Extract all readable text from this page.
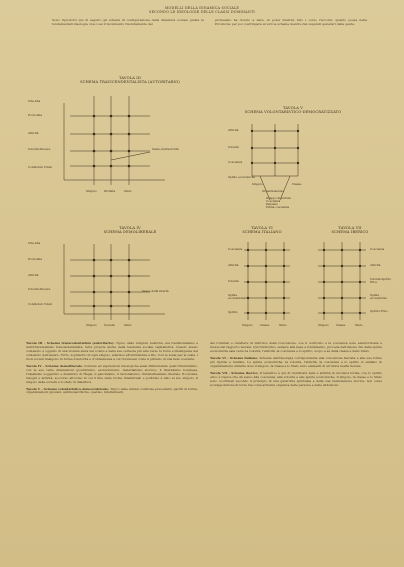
MODELLI DELLA DINAMICA SOCIALE
SECONDO LE IDEOLOGIE DELLE CLASSI DOMINANTI
Sono riprodotti qui di seguito gli schemi di configurazione della dinamica sociale giusta le fondamentali ideologie cioè i sei il movimento risolutamente del
professato ha dovuto a dare, in poter ilustrar, faro i corso racconto quanto possa nella Provincia; per poi costringere al voti le scheme mentre del superati generari della gente.
TAVOLA III
SCHEMA TRAVICENDENTALISTA (AUTORITARIO)
Vita Alta
Economia
Attività
Volontà Sincere
Condizioni Totali
Senso dell'autorità
Singolo	Divinità	Stato
TAVOLA V
SCHEMA VOLONTARISTICO-DEMOCRATIZZATO
Attività
Volontà
Coscienza
Spinte economiche
Singolo	Classe
Organizzazione
Gruppo di lettura
Coscienza
Pensiero
Prima coscienza
TAVOLA IV
SCHEMA DEMOLIBERALE
Vita Alta
Economia
Attività
Volontà Sincere
Condizioni Totali
Senso della libertà
Singolo	Società	Stato
TAVOLA VI
SCHEMA ITALIANO
Coscienza
Attività
Volontà
Spinte economiche
Spirito
Singolo	Classe	Stato
TAVOLA VII
SCHEMA IBERICO
Coscienza
Attività
Volontà Spirito Etico
Spinte economiche
Spirito Etico
Singolo	Classe	Stato

Tavola III - Schema transcedentalista (autoritario). Tipico delle religioni teistiche, del tradizionalismo e dell'irrazionalismo trascendentalista, tutte proprie anche della tendenza sociale capitalistica. Questo stesso contenuto è oggetto di una vivente sfera nel volere e nelle sue certezze più alte verso le forze e intelligenze del contenuto dell'essere. Tutto, sopratutto in ogni singolo, aderisce all'ubbidienza a Dio. Con le scale per le scale, i ruoli sociali risalgono in forme d'autorità e d'obbedienza a cui riconnessi come il primato di una fede coerente.

Tavola IV - Schema demoliberale. Comune ad espressioni ideologiche assai differenziate quali l'illuminismo, con le sue varie diramazioni (positivismo, evoluzionismo, materialismo storico), il liberalismo borghese, l'idealismo soggettivo e dualistico di Hegel, il pancinismo, il razionalismo, l'intellettualismo liberale. Economia, bisogni e attività, soccorso all'uomo in cui il fine delle forme intellettuali e politiche è dato al suo singolo. Il singolo delle società e lo stato in dialettica.

Tavola V - Schema volontaristico-democratizzato. Tipico delle sintesi condivise precedenti, partiti di forma, organizzazioni (giovani, antimonarchiche, operaio, intellettuali).

dai Comitati e carattere di indirizzo della Concezione, ove il confronto e la coscienza sono esteriorizzate e mosse dal rapporto morale. Qui l'individuo, sempre alla base e fondamento, procede nell'azione che dalle spinte economiche sale verso la volontà, l'attività, la coscienza e lo spirito, scopo a sé della classe e dello Stato.

Tavola VI - Schema italiano. Schema dell'ideologia corrispondente alla concezione fascista e alle sue forme più tipiche e realiste. Le spinte economiche, la volontà, l'attività, la coscienza e lo spirito si saldano in organizzazione unitaria dove il singolo, la classe e lo Stato sono elementi di un'unica realtà morale.

Tavola VII - Schema iberico. Il tentativo è qui di riunificare fede e attività in un'unica forma, ove lo spirito etico è l'apice che dà senso alla coscienza, alla volontà e alle spinte economiche. Il singolo, la classe e lo Stato sono coordinati secondo il principio di una gerarchia spirituale e della sua realizzazione storica, non come sovrapposizione di forze ma come armonia organica delle persone e delle istituzioni.
